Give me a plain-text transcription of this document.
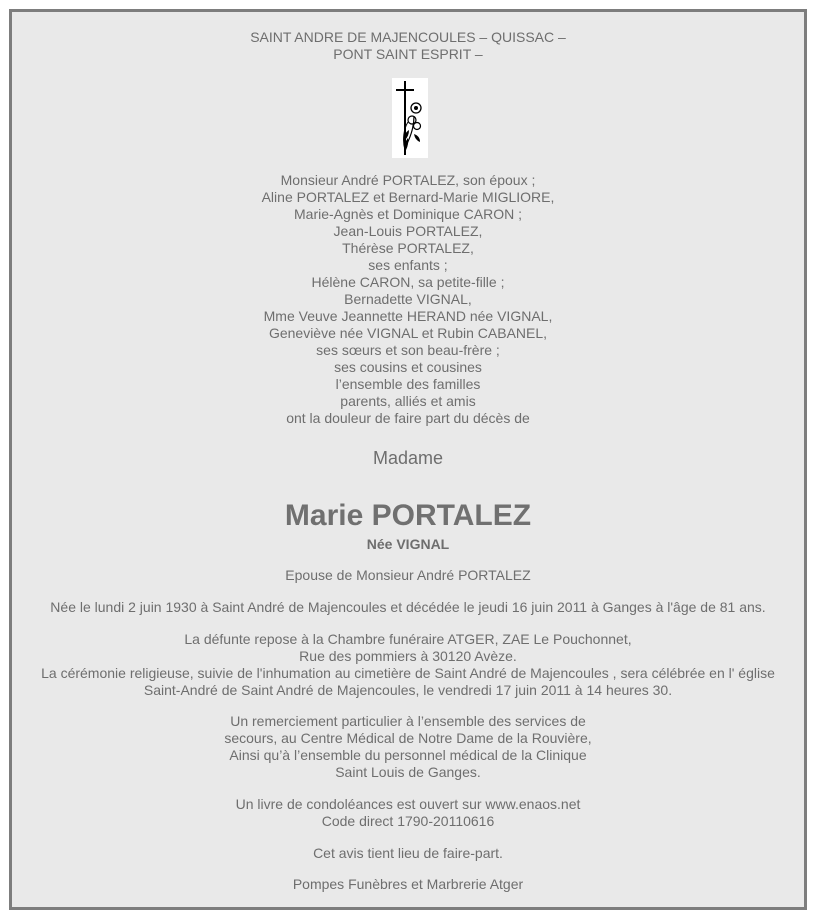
SAINT ANDRE DE MAJENCOULES – QUISSAC –
PONT SAINT ESPRIT –
Monsieur André PORTALEZ, son époux ;
Aline PORTALEZ et Bernard-Marie MIGLIORE,
Marie-Agnès et Dominique CARON ;
Jean-Louis PORTALEZ,
Thérèse PORTALEZ,
ses enfants ;
Hélène CARON, sa petite-fille ;
Bernadette VIGNAL,
Mme Veuve Jeannette HERAND née VIGNAL,
Geneviève née VIGNAL et Rubin CABANEL,
ses sœurs et son beau-frère ;
ses cousins et cousines
l’ensemble des familles
parents, alliés et amis
ont la douleur de faire part du décès de
Madame
Marie PORTALEZ
Née VIGNAL
Epouse de Monsieur André PORTALEZ
Née le lundi 2 juin 1930 à Saint André de Majencoules et décédée le jeudi 16 juin 2011 à Ganges à l'âge de 81 ans.
La défunte repose à la Chambre funéraire ATGER, ZAE Le Pouchonnet,
Rue des pommiers à 30120 Avèze.
La cérémonie religieuse, suivie de l'inhumation au cimetière de Saint André de Majencoules , sera célébrée en l' église
Saint-André de Saint André de Majencoules, le vendredi 17 juin 2011 à 14 heures 30.
Un remerciement particulier à l’ensemble des services de
secours, au Centre Médical de Notre Dame de la Rouvière,
Ainsi qu’à l’ensemble du personnel médical de la Clinique
Saint Louis de Ganges.
Un livre de condoléances est ouvert sur www.enaos.net
Code direct 1790-20110616
Cet avis tient lieu de faire-part.
Pompes Funèbres et Marbrerie Atger
